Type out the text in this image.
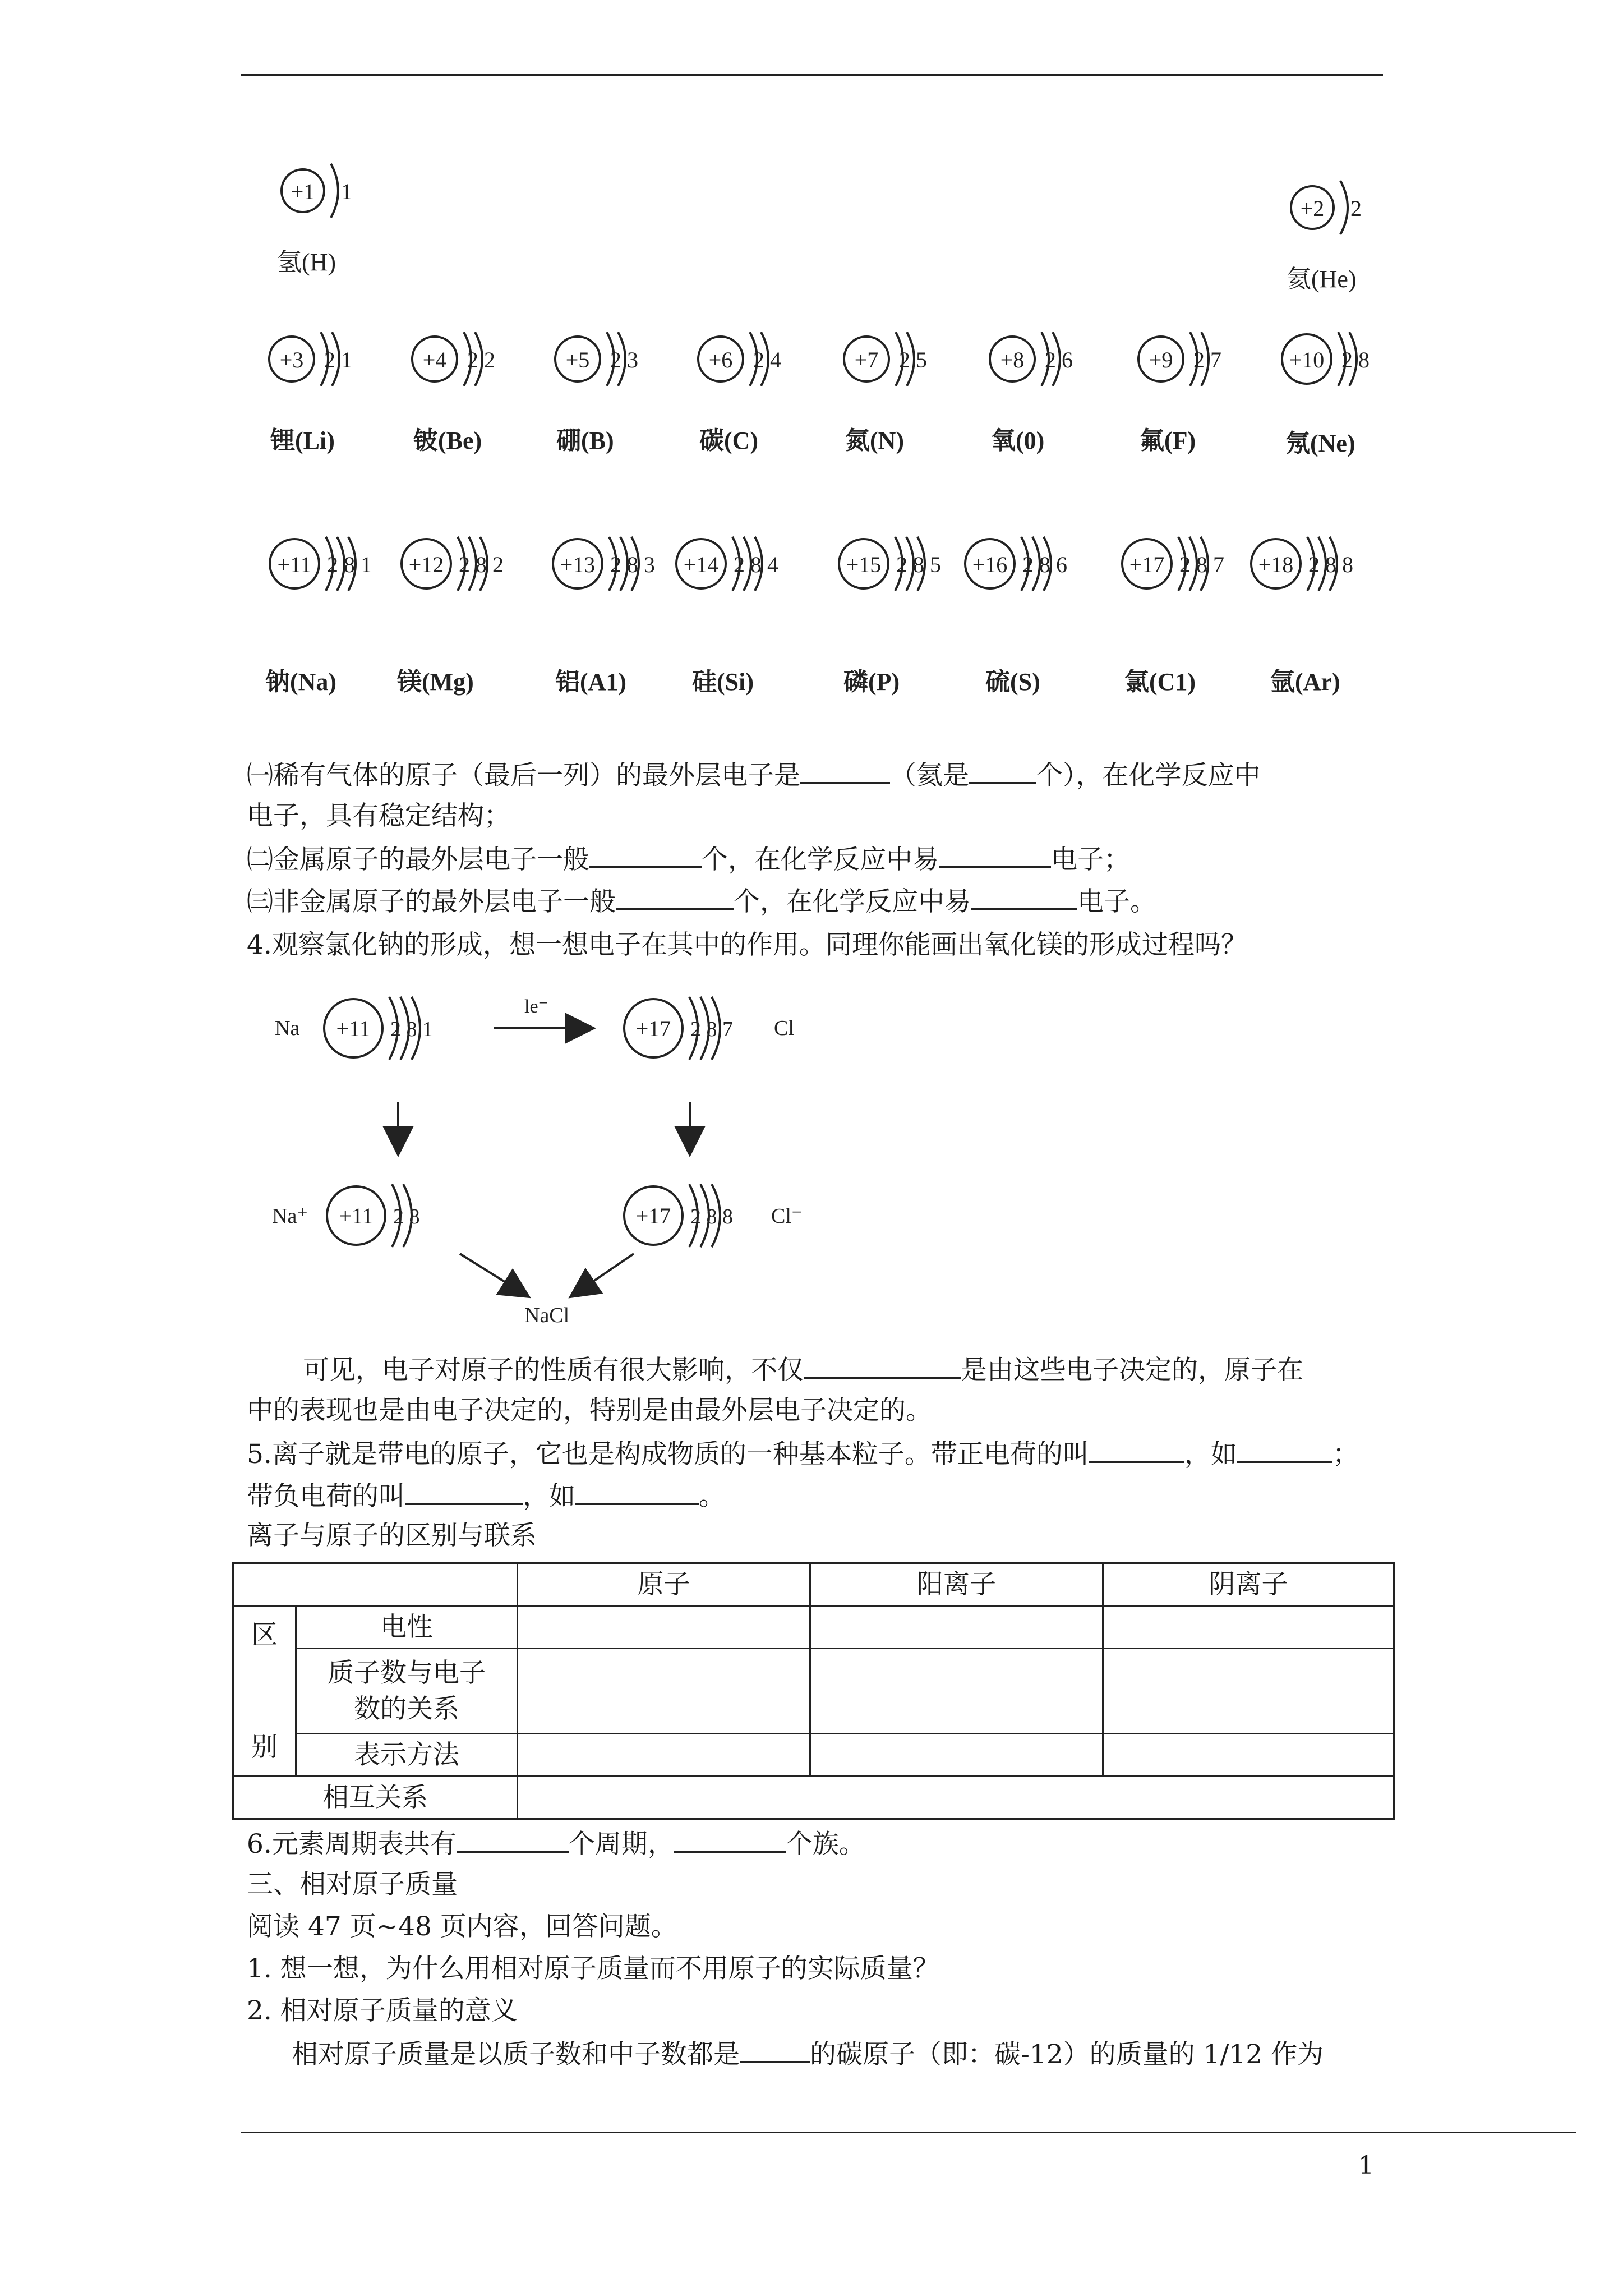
+1 1
氢(H)
+2 2
氦(He)
+3 2 1
锂(Li)
+4 2 2
铍(Be)
+5 2 3
硼(B)
+6 2 4
碳(C)
+7 2 5
氮(N)
+8 2 6
氧(0)
+9 2 7
氟(F)
+10 2 8
氖(Ne)
+11 2 8 1
钠(Na)
+12 2 8 2
镁(Mg)
+13 2 8 3
铝(A1)
+14 2 8 4
硅(Si)
+15 2 8 5
磷(P)
+16 2 8 6
硫(S)
+17 2 8 7
氯(C1)
+18 2 8 8
氩(Ar)
㈠稀有气体的原子（最后一列）的最外层电子是	（氦是	个），在化学反应中
电子，具有稳定结构；
㈡金属原子的最外层电子一般	个，在化学反应中易	电子；
㈢非金属原子的最外层电子一般	个，在化学反应中易	电子。
4.观察氯化钠的形成，想一想电子在其中的作用。同理你能画出氧化镁的形成过程吗？
Na +11 2 8 1
le⁻
+17 2 8 7 Cl
Na⁺ +11 2 8	+17 2 8 8 Cl⁻
NaCl
可见，电子对原子的性质有很大影响，不仅	是由这些电子决定的，原子在
中的表现也是由电子决定的，特别是由最外层电子决定的。
5.离子就是带电的原子，它也是构成物质的一种基本粒子。带正电荷的叫	，如	；
带负电荷的叫	，如	。
离子与原子的区别与联系
		原子	阳离子	阴离子

区
别	电性			

	质子数与电子
数的关系			

	表示方法			
相互关系				
6.元素周期表共有	个周期，	个族。
三、相对原子质量
阅读 47 页~48 页内容，回答问题。
1. 想一想，为什么用相对原子质量而不用原子的实际质量？
2. 相对原子质量的意义
相对原子质量是以质子数和中子数都是	的碳原子（即：碳-12）的质量的 1/12 作为
1
